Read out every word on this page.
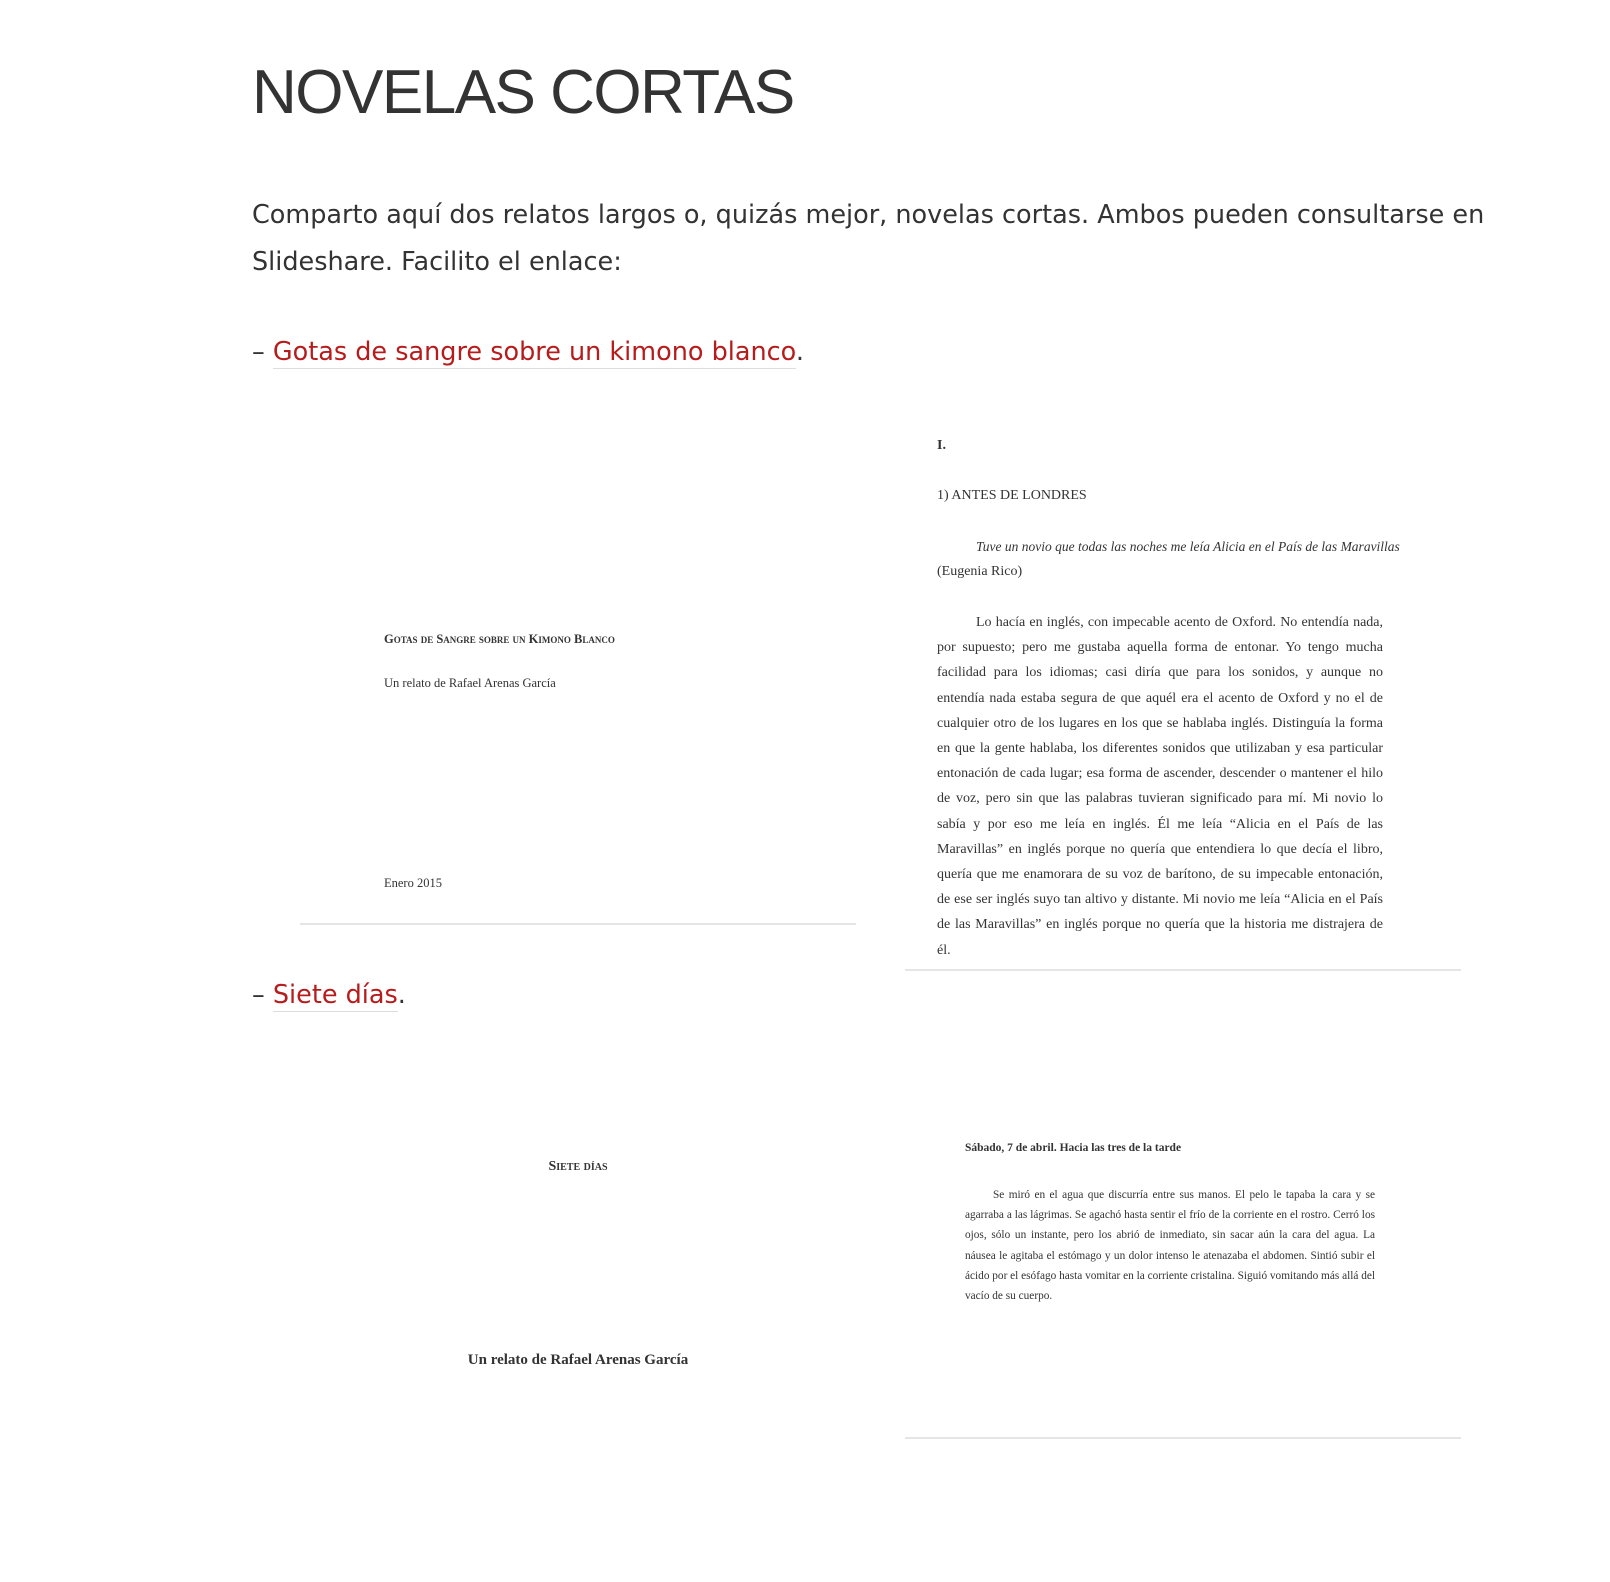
NOVELAS CORTAS

Comparto aquí dos relatos largos o, quizás mejor, novelas cortas. Ambos pueden consultarse en Slideshare. Facilito el enlace:

– Gotas de sangre sobre un kimono blanco.

Gotas de Sangre sobre un Kimono Blanco
Un relato de Rafael Arenas García
Enero 2015
I.
1) ANTES DE LONDRES
Tuve un novio que todas las noches me leía Alicia en el País de las Maravillas
(Eugenia Rico)

Lo hacía en inglés, con impecable acento de Oxford. No entendía nada, por supuesto; pero me gustaba aquella forma de entonar. Yo tengo mucha facilidad para los idiomas; casi diría que para los sonidos, y aunque no entendía nada estaba segura de que aquél era el acento de Oxford y no el de cualquier otro de los lugares en los que se hablaba inglés. Distinguía la forma en que la gente hablaba, los diferentes sonidos que utilizaban y esa particular entonación de cada lugar; esa forma de ascender, descender o mantener el hilo de voz, pero sin que las palabras tuvieran significado para mí. Mi novio lo sabía y por eso me leía en inglés. Él me leía “Alicia en el País de las Maravillas” en inglés porque no quería que entendiera lo que decía el libro, quería que me enamorara de su voz de barítono, de su impecable entonación, de ese ser inglés suyo tan altivo y distante. Mi novio me leía “Alicia en el País de las Maravillas” en inglés porque no quería que la historia me distrajera de él.

– Siete días.

Siete días
Un relato de Rafael Arenas García
Sábado, 7 de abril. Hacia las tres de la tarde

Se miró en el agua que discurría entre sus manos. El pelo le tapaba la cara y se agarraba a las lágrimas. Se agachó hasta sentir el frío de la corriente en el rostro. Cerró los ojos, sólo un instante, pero los abrió de inmediato, sin sacar aún la cara del agua. La náusea le agitaba el estómago y un dolor intenso le atenazaba el abdomen. Sintió subir el ácido por el esófago hasta vomitar en la corriente cristalina. Siguió vomitando más allá del vacío de su cuerpo.
